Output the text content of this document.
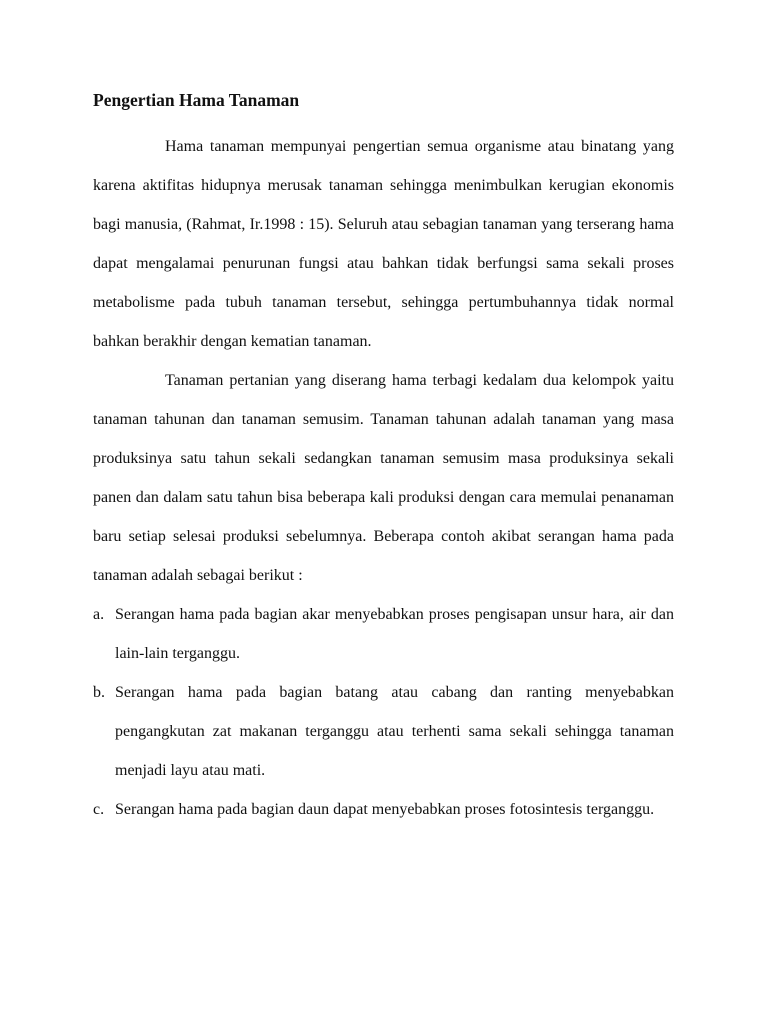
Pengertian Hama Tanaman

Hama tanaman mempunyai pengertian semua organisme atau binatang yang karena aktifitas hidupnya merusak tanaman sehingga menimbulkan kerugian ekonomis bagi manusia, (Rahmat, Ir.1998 : 15). Seluruh atau sebagian tanaman yang terserang hama dapat mengalamai penurunan fungsi atau bahkan tidak berfungsi sama sekali proses metabolisme pada tubuh tanaman tersebut, sehingga pertumbuhannya tidak normal bahkan berakhir dengan kematian tanaman.

Tanaman pertanian yang diserang hama terbagi kedalam dua kelompok yaitu tanaman tahunan dan tanaman semusim. Tanaman tahunan adalah tanaman yang masa produksinya satu tahun sekali sedangkan tanaman semusim masa produksinya sekali panen dan dalam satu tahun bisa beberapa kali produksi dengan cara memulai penanaman baru setiap selesai produksi sebelumnya. Beberapa contoh akibat serangan hama pada tanaman adalah sebagai berikut :

a. Serangan hama pada bagian akar menyebabkan proses pengisapan unsur hara, air dan lain-lain terganggu.
b. Serangan hama pada bagian batang atau cabang dan ranting menyebabkan pengangkutan zat makanan terganggu atau terhenti sama sekali sehingga tanaman menjadi layu atau mati.
c. Serangan hama pada bagian daun dapat menyebabkan proses fotosintesis terganggu.
